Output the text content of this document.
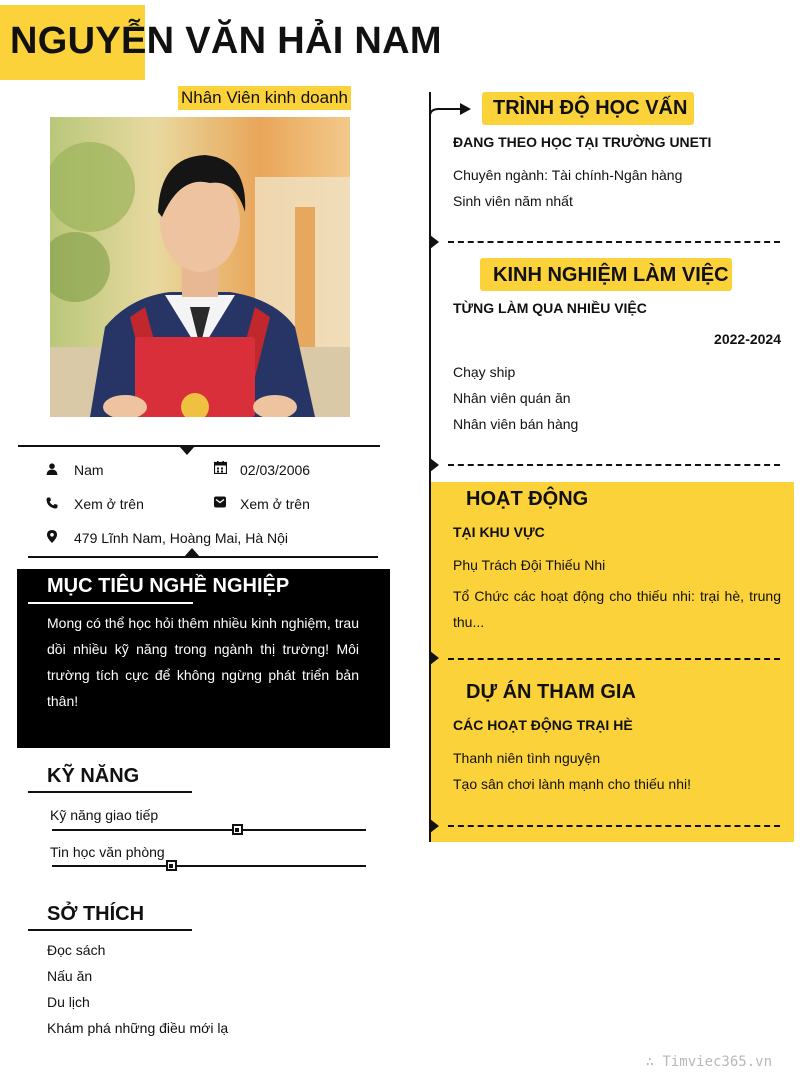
NGUYỄN VĂN HẢI NAM
Nhân Viên kinh doanh
Nam	02/03/2006
Xem ở trên	Xem ở trên
479 Lĩnh Nam, Hoàng Mai, Hà Nội
MỤC TIÊU NGHỀ NGHIỆP
Mong có thể học hỏi thêm nhiều kinh nghiệm, trau dồi nhiều kỹ năng trong ngành thị trường! Môi trường tích cực để không ngừng phát triển bản thân!
KỸ NĂNG
Kỹ năng giao tiếp
Tin học văn phòng
SỞ THÍCH
Đọc sách
Nấu ăn
Du lịch
Khám phá những điều mới lạ
TRÌNH ĐỘ HỌC VẤN
ĐANG THEO HỌC TẠI TRƯỜNG UNETI
Chuyên ngành: Tài chính-Ngân hàng
Sinh viên năm nhất
KINH NGHIỆM LÀM VIỆC
TỪNG LÀM QUA NHIỀU VIỆC
2022-2024
Chạy ship
Nhân viên quán ăn
Nhân viên bán hàng
HOẠT ĐỘNG
TẠI KHU VỰC
Phụ Trách Đội Thiếu Nhi
Tổ Chức các hoạt động cho thiếu nhi: trại hè, trung thu...
DỰ ÁN THAM GIA
CÁC HOẠT ĐỘNG TRẠI HÈ
Thanh niên tình nguyện
Tạo sân chơi lành mạnh cho thiếu nhi!
∴ Timviec365.vn
